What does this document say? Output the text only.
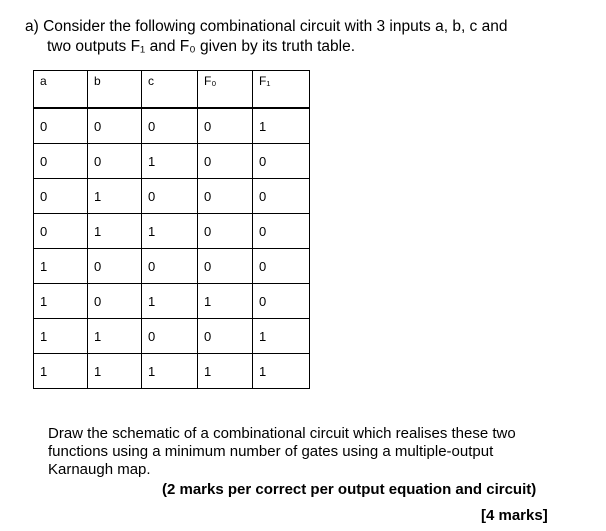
a) Consider the following combinational circuit with 3 inputs a, b, c and
two outputs F₁ and F₀ given by its truth table.
a	b	c	F₀	F₁
0	0	0	0	1
0	0	1	0	0
0	1	0	0	0
0	1	1	0	0
1	0	0	0	0
1	0	1	1	0
1	1	0	0	1
1	1	1	1	1
Draw the schematic of a combinational circuit which realises these two
functions using a minimum number of gates using a multiple-output
Karnaugh map.
(2 marks per correct per output equation and circuit)
[4 marks]
